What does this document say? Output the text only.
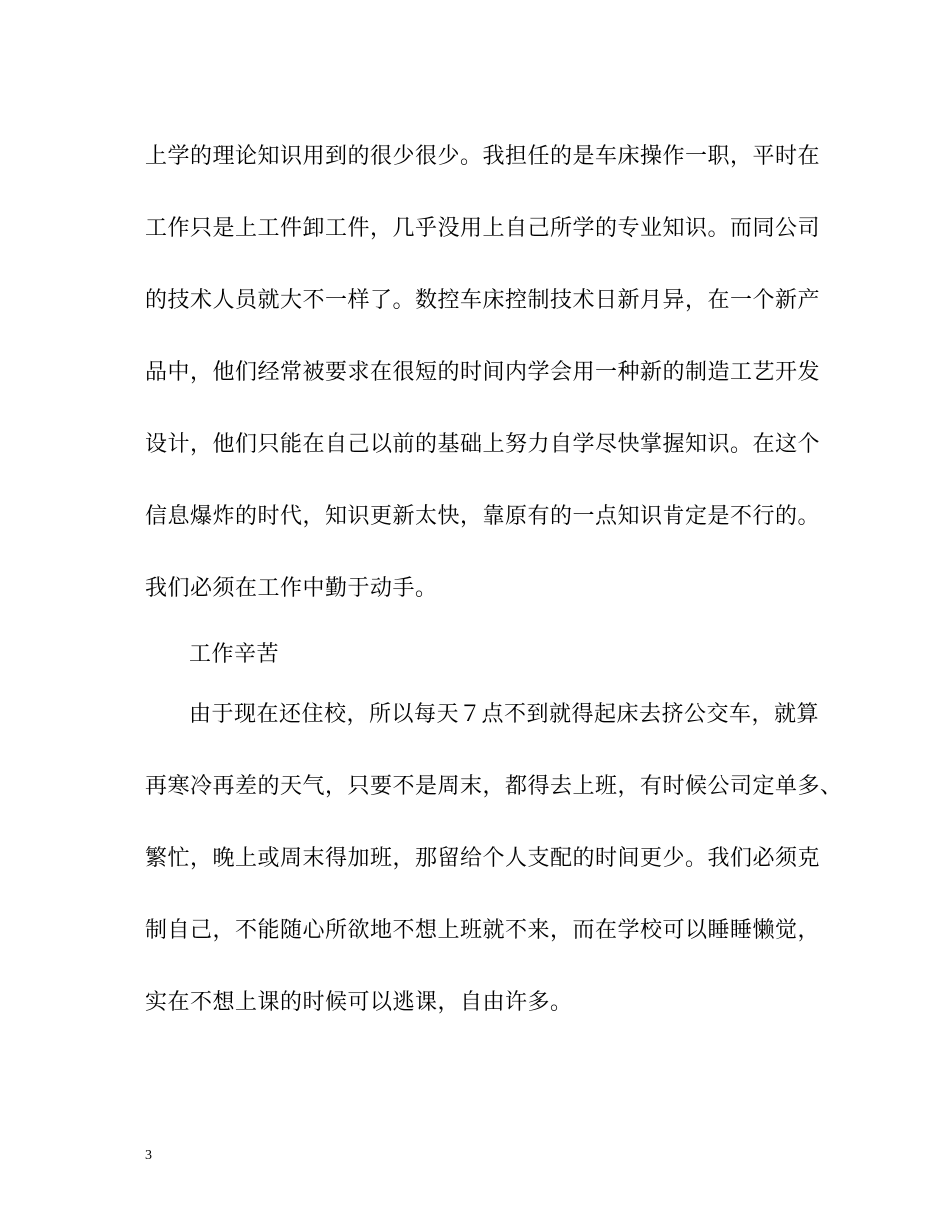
上学的理论知识用到的很少很少。我担任的是车床操作一职，平时在
工作只是上工件卸工件，几乎没用上自己所学的专业知识。而同公司
的技术人员就大不一样了。数控车床控制技术日新月异，在一个新产
品中，他们经常被要求在很短的时间内学会用一种新的制造工艺开发
设计，他们只能在自己以前的基础上努力自学尽快掌握知识。在这个
信息爆炸的时代，知识更新太快，靠原有的一点知识肯定是不行的。
我们必须在工作中勤于动手。
工作辛苦
由于现在还住校，所以每天７点不到就得起床去挤公交车，就算
再寒冷再差的天气，只要不是周末，都得去上班，有时候公司定单多、
繁忙，晚上或周末得加班，那留给个人支配的时间更少。我们必须克
制自己，不能随心所欲地不想上班就不来，而在学校可以睡睡懒觉，
实在不想上课的时候可以逃课，自由许多。
3
